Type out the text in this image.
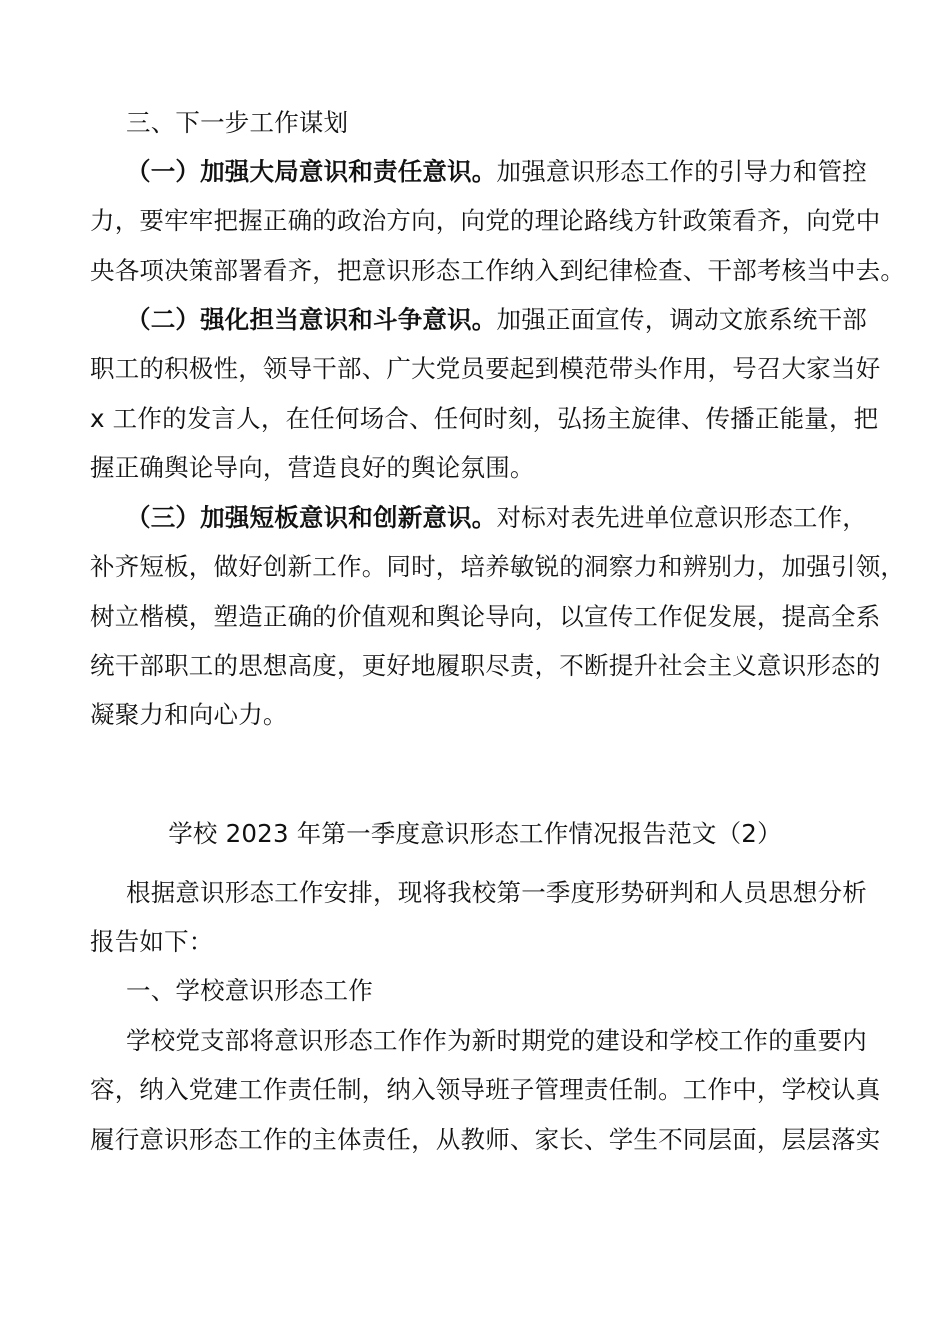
三、下一步工作谋划
（一）加强大局意识和责任意识。加强意识形态工作的引导力和管控
力，要牢牢把握正确的政治方向，向党的理论路线方针政策看齐，向党中
央各项决策部署看齐，把意识形态工作纳入到纪律检查、干部考核当中去。
（二）强化担当意识和斗争意识。加强正面宣传，调动文旅系统干部
职工的积极性，领导干部、广大党员要起到模范带头作用，号召大家当好
x 工作的发言人，在任何场合、任何时刻，弘扬主旋律、传播正能量，把
握正确舆论导向，营造良好的舆论氛围。
（三）加强短板意识和创新意识。对标对表先进单位意识形态工作，
补齐短板，做好创新工作。同时，培养敏锐的洞察力和辨别力，加强引领，
树立楷模，塑造正确的价值观和舆论导向，以宣传工作促发展，提高全系
统干部职工的思想高度，更好地履职尽责，不断提升社会主义意识形态的
凝聚力和向心力。
学校 2023 年第一季度意识形态工作情况报告范文（2）
根据意识形态工作安排，现将我校第一季度形势研判和人员思想分析
报告如下：
一、学校意识形态工作
学校党支部将意识形态工作作为新时期党的建设和学校工作的重要内
容，纳入党建工作责任制，纳入领导班子管理责任制。工作中，学校认真
履行意识形态工作的主体责任，从教师、家长、学生不同层面，层层落实
